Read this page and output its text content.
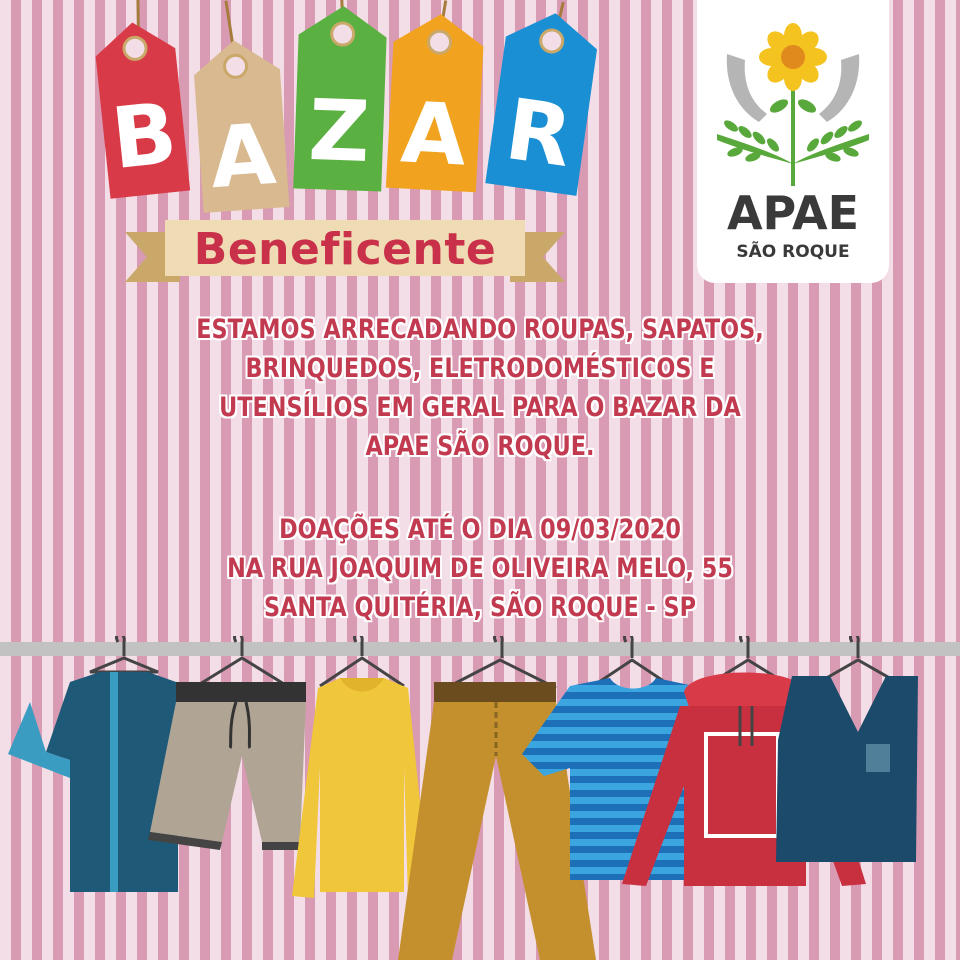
B A Z A R
Beneficente
APAE
SÃO ROQUE
ESTAMOS ARRECADANDO ROUPAS, SAPATOS,
BRINQUEDOS, ELETRODOMÉSTICOS E
UTENSÍLIOS EM GERAL PARA O BAZAR DA
APAE SÃO ROQUE.
DOAÇÕES ATÉ O DIA 09/03/2020
NA RUA JOAQUIM DE OLIVEIRA MELO, 55
SANTA QUITÉRIA, SÃO ROQUE - SP
